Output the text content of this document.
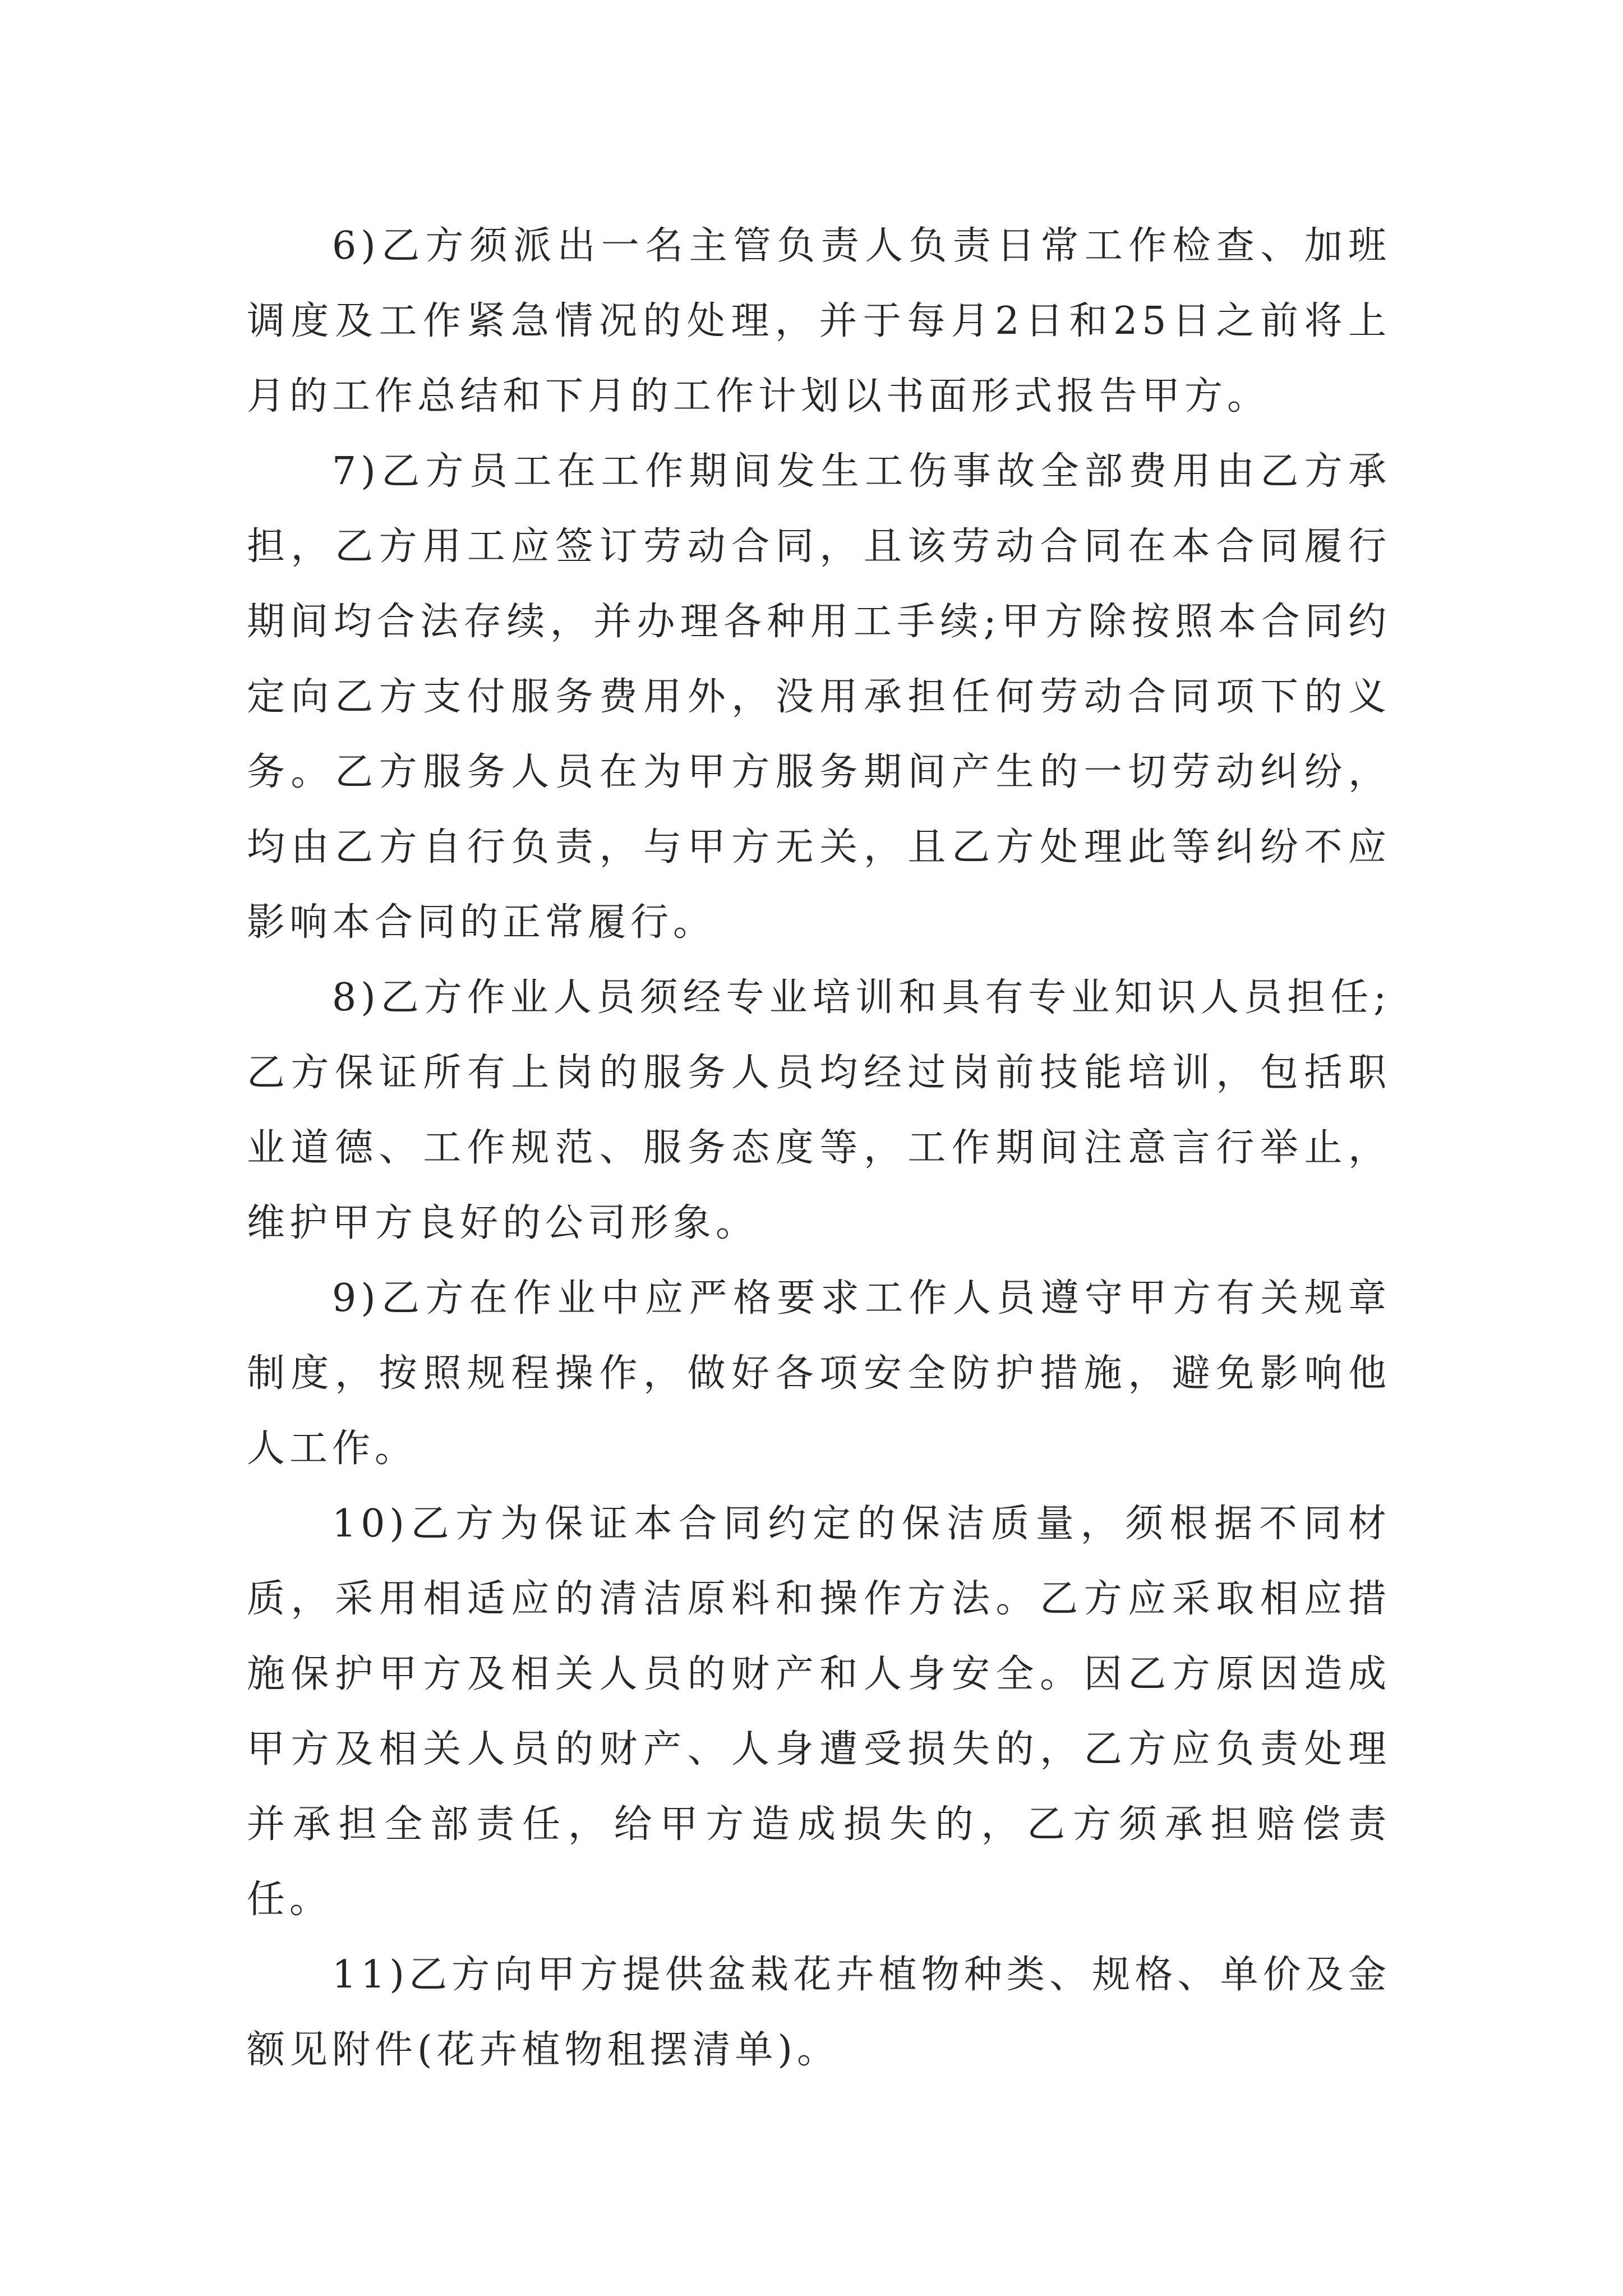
6)乙方须派出一名主管负责人负责日常工作检查、加班调度及工作紧急情况的处理，并于每月2日和25日之前将上月的工作总结和下月的工作计划以书面形式报告甲方。

7)乙方员工在工作期间发生工伤事故全部费用由乙方承担，乙方用工应签订劳动合同，且该劳动合同在本合同履行期间均合法存续，并办理各种用工手续;甲方除按照本合同约定向乙方支付服务费用外，没用承担任何劳动合同项下的义务。乙方服务人员在为甲方服务期间产生的一切劳动纠纷，均由乙方自行负责，与甲方无关，且乙方处理此等纠纷不应影响本合同的正常履行。

8)乙方作业人员须经专业培训和具有专业知识人员担任;乙方保证所有上岗的服务人员均经过岗前技能培训，包括职业道德、工作规范、服务态度等，工作期间注意言行举止，维护甲方良好的公司形象。

9)乙方在作业中应严格要求工作人员遵守甲方有关规章制度，按照规程操作，做好各项安全防护措施，避免影响他人工作。

10)乙方为保证本合同约定的保洁质量，须根据不同材质，采用相适应的清洁原料和操作方法。乙方应采取相应措施保护甲方及相关人员的财产和人身安全。因乙方原因造成甲方及相关人员的财产、人身遭受损失的，乙方应负责处理并承担全部责任，给甲方造成损失的，乙方须承担赔偿责任。

11)乙方向甲方提供盆栽花卉植物种类、规格、单价及金额见附件(花卉植物租摆清单)。
